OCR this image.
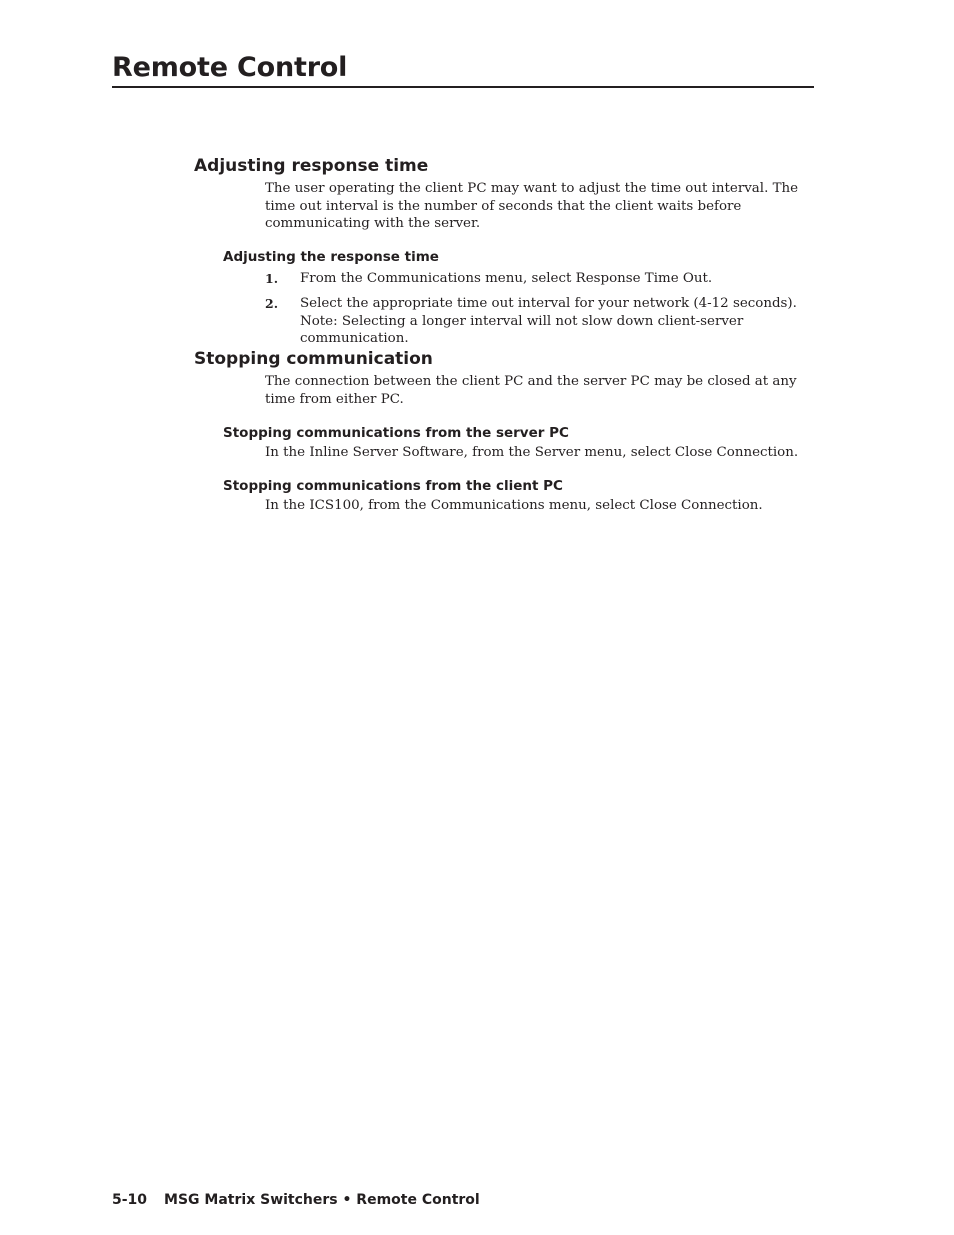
Remote Control
Adjusting response time

The user operating the client PC may want to adjust the time out interval. The time out interval is the number of seconds that the client waits before communicating with the server.

Adjusting the response time
1. From the Communications menu, select Response Time Out.

2. Select the appropriate time out interval for your network (4-12 seconds). Note: Selecting a longer interval will not slow down client-server communication.

Stopping communication

The connection between the client PC and the server PC may be closed at any time from either PC.

Stopping communications from the server PC

In the Inline Server Software, from the Server menu, select Close Connection.

Stopping communications from the client PC

In the ICS100, from the Communications menu, select Close Connection.

5-10 MSG Matrix Switchers • Remote Control
